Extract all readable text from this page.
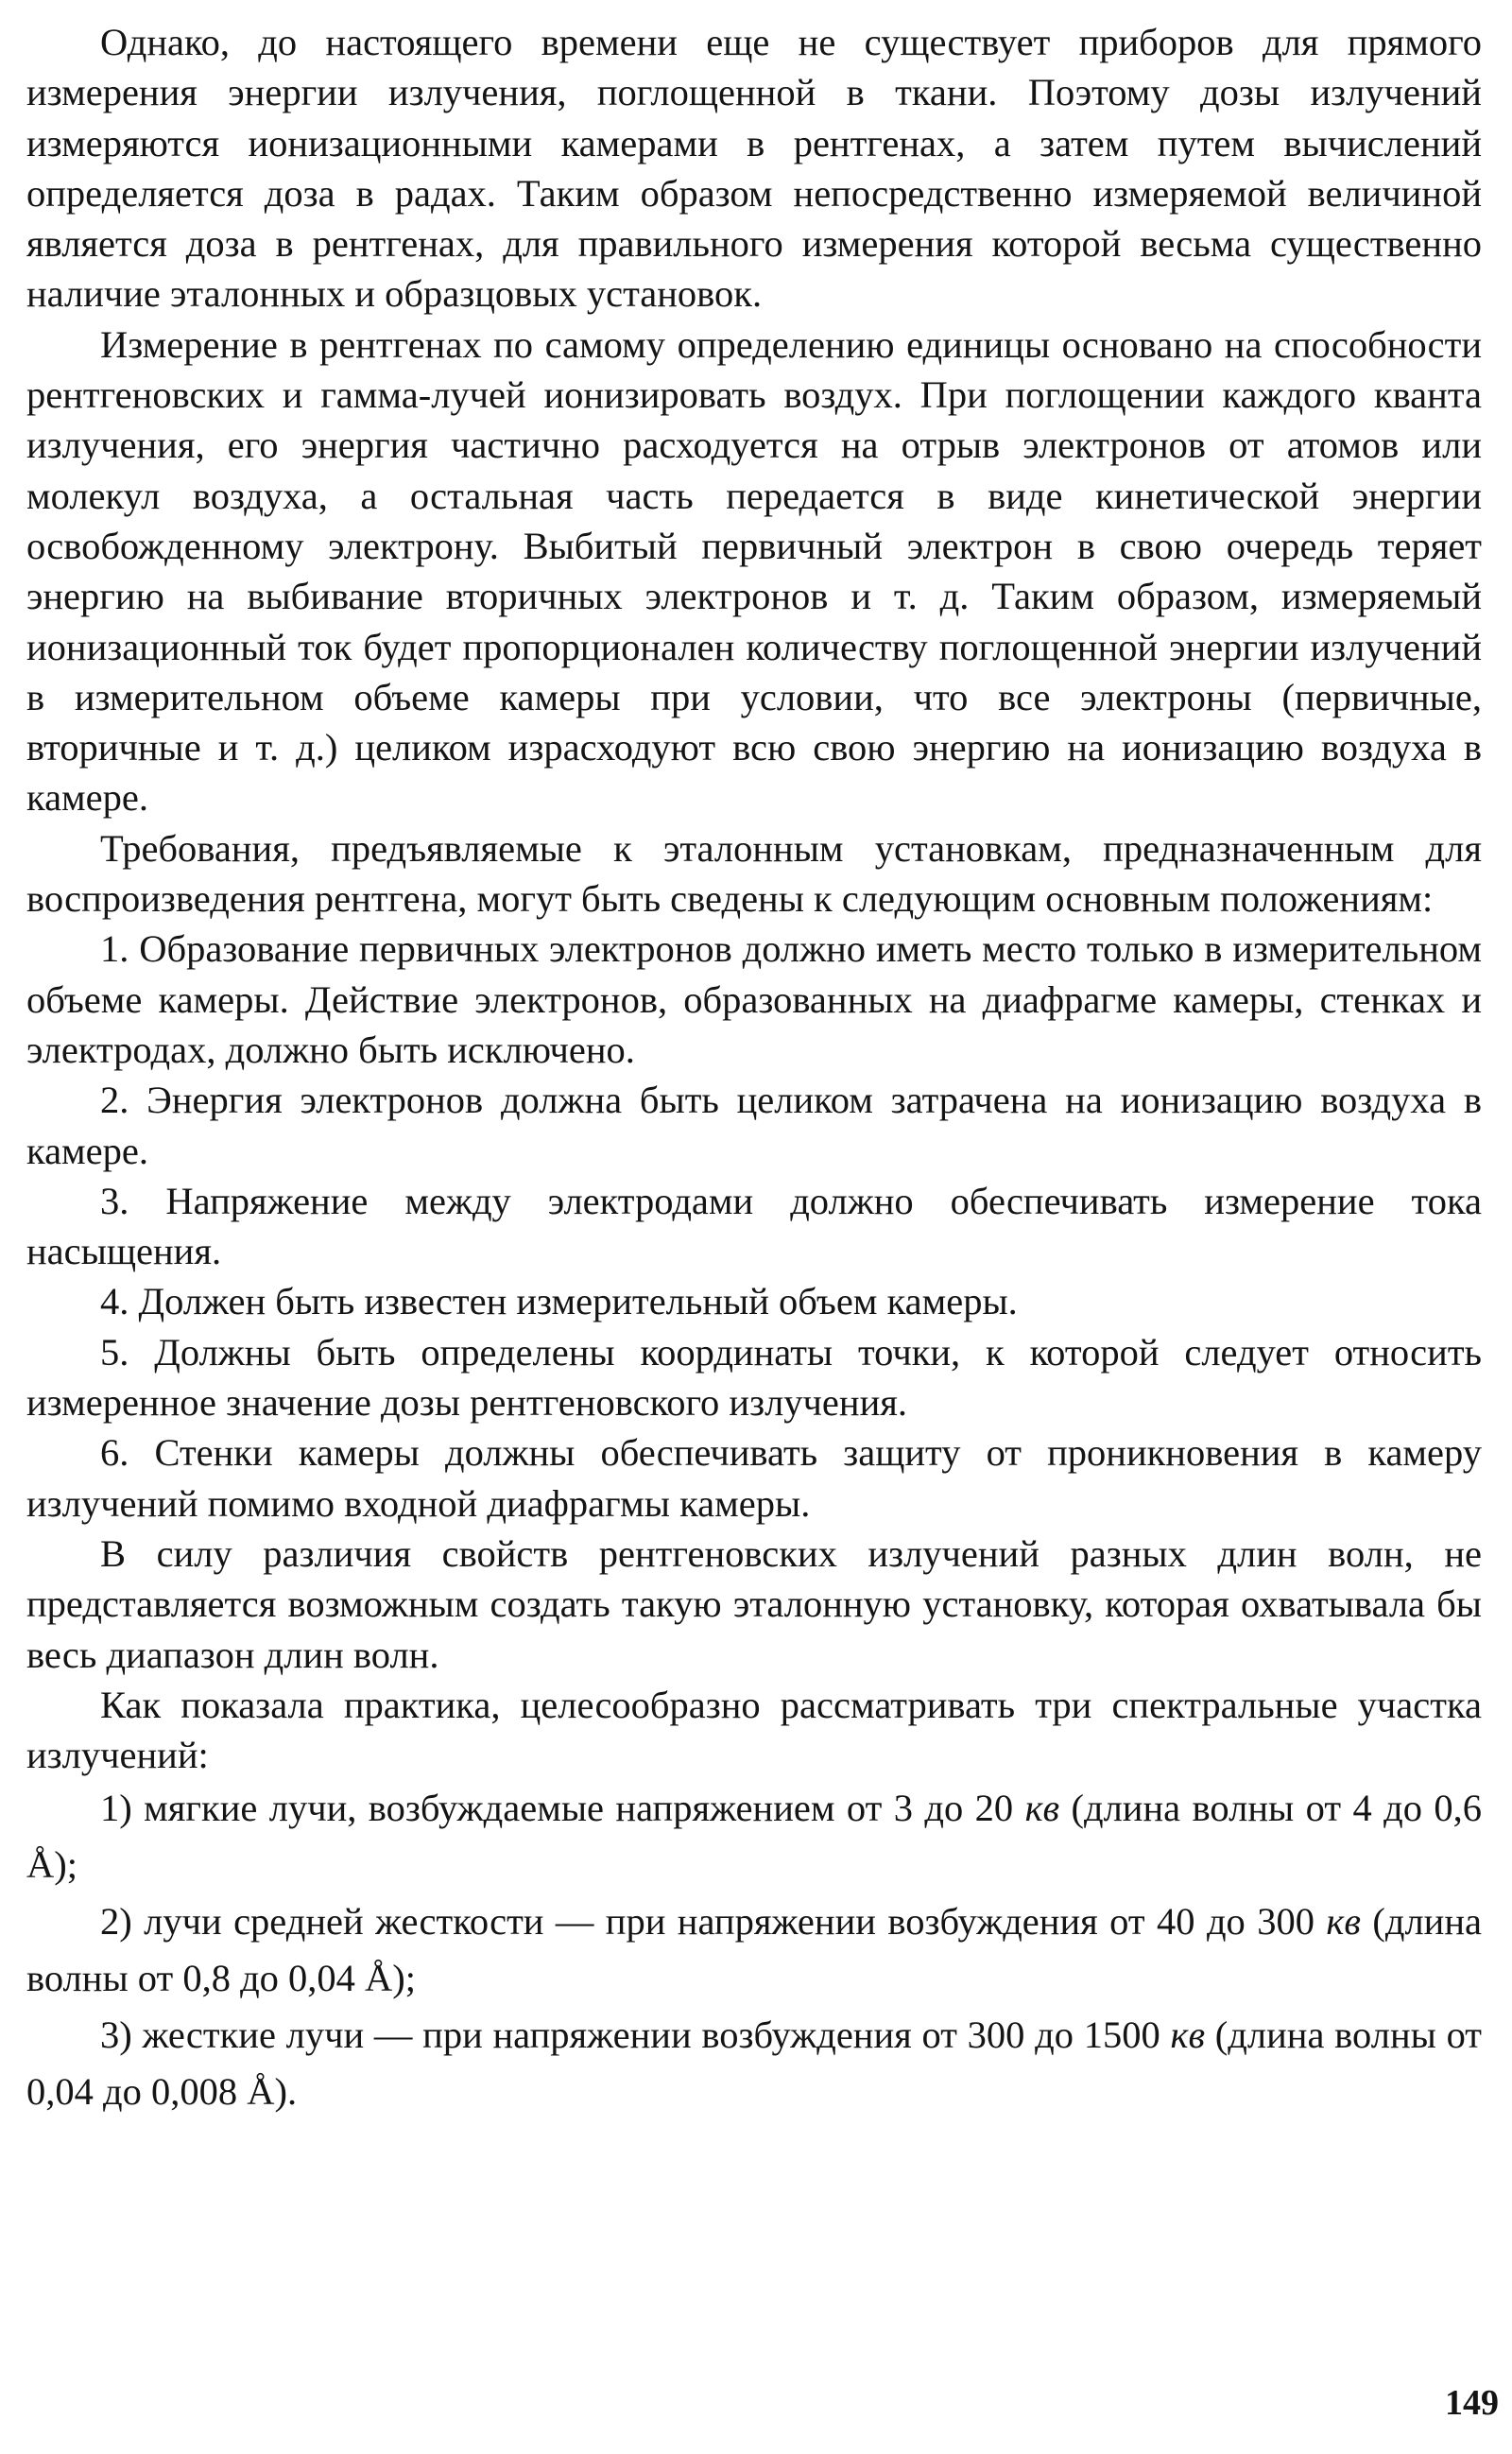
Однако, до настоящего времени еще не существует приборов для прямого измерения энергии излучения, поглощенной в ткани. Поэтому дозы излучений измеряются ионизационными камерами в рентгенах, а затем путем вычислений определяется доза в радах. Таким образом непосредственно измеряемой величиной является доза в рентгенах, для правильного измерения которой весьма существенно наличие эталонных и образцовых установок.

Измерение в рентгенах по самому определению единицы основано на способности рентгеновских и гамма-лучей ионизировать воздух. При поглощении каждого кванта излучения, его энергия частично расходуется на отрыв электронов от атомов или молекул воздуха, а остальная часть передается в виде кинетической энергии освобожденному электрону. Выбитый первичный электрон в свою очередь теряет энергию на выбивание вторичных электронов и т. д. Таким образом, измеряемый ионизационный ток будет пропорционален количеству поглощенной энергии излучений в измерительном объеме камеры при условии, что все электроны (первичные, вторичные и т. д.) целиком израсходуют всю свою энергию на ионизацию воздуха в камере.

Требования, предъявляемые к эталонным установкам, предназначенным для воспроизведения рентгена, могут быть сведены к следующим основным положениям:

1. Образование первичных электронов должно иметь место только в измерительном объеме камеры. Действие электронов, образованных на диафрагме камеры, стенках и электродах, должно быть исключено.

2. Энергия электронов должна быть целиком затрачена на ионизацию воздуха в камере.

3. Напряжение между электродами должно обеспечивать измерение тока насыщения.

4. Должен быть известен измерительный объем камеры.

5. Должны быть определены координаты точки, к которой следует относить измеренное значение дозы рентгеновского излучения.

6. Стенки камеры должны обеспечивать защиту от проникновения в камеру излучений помимо входной диафрагмы камеры.

В силу различия свойств рентгеновских излучений разных длин волн, не представляется возможным создать такую эталонную установку, которая охватывала бы весь диапазон длин волн.

Как показала практика, целесообразно рассматривать три спектральные участка излучений:

1) мягкие лучи, возбуждаемые напряжением от 3 до 20 кв (длина волны от 4 до 0,6 Å);

2) лучи средней жесткости — при напряжении возбуждения от 40 до 300 кв (длина волны от 0,8 до 0,04 Å);

3) жесткие лучи — при напряжении возбуждения от 300 до 1500 кв (длина волны от 0,04 до 0,008 Å).

149
